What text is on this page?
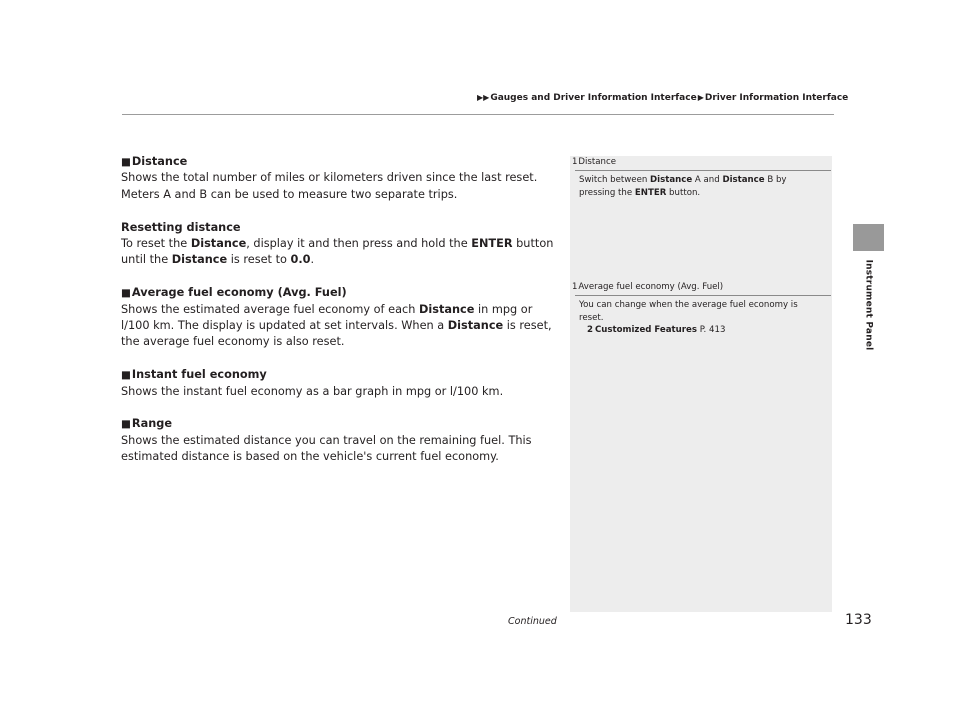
▶▶Gauges and Driver Information Interface▶Driver Information Interface
Instrument Panel

■Distance

Shows the total number of miles or kilometers driven since the last reset. Meters A and B can be used to measure two separate trips.

Resetting distance

To reset the Distance, display it and then press and hold the ENTER button until the Distance is reset to 0.0.

■Average fuel economy (Avg. Fuel)

Shows the estimated average fuel economy of each Distance in mpg or l/100 km. The display is updated at set intervals. When a Distance is reset, the average fuel economy is also reset.

■Instant fuel economy

Shows the instant fuel economy as a bar graph in mpg or l/100 km.

■Range

Shows the estimated distance you can travel on the remaining fuel. This estimated distance is based on the vehicle's current fuel economy.

1Distance
Switch between Distance A and Distance B by pressing the ENTER button.
1Average fuel economy (Avg. Fuel)
You can change when the average fuel economy is reset.
2 Customized Features P. 413
Continued	133
